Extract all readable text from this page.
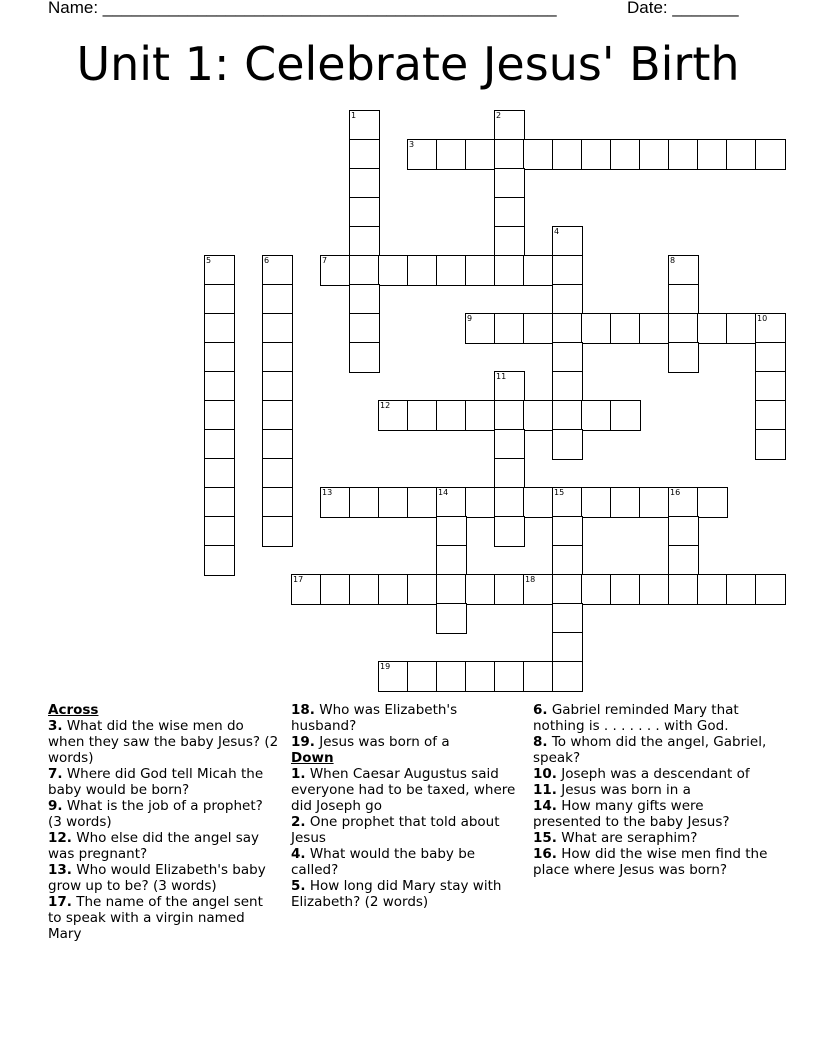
Name: ________________________________________________	Date: _______
Unit 1: Celebrate Jesus' Birth
1	2
3
4
5	6	7	8
9	10
11
12
13	14	15	16
17	18
19
Across
3. What did the wise men do when they saw the baby Jesus? (2 words)
7. Where did God tell Micah the baby would be born?
9. What is the job of a prophet? (3 words)
12. Who else did the angel say was pregnant?
13. Who would Elizabeth's baby grow up to be? (3 words)
17. The name of the angel sent to speak with a virgin named Mary
18. Who was Elizabeth's husband?
19. Jesus was born of a
Down
1. When Caesar Augustus said everyone had to be taxed, where did Joseph go
2. One prophet that told about Jesus
4. What would the baby be called?
5. How long did Mary stay with Elizabeth? (2 words)
6. Gabriel reminded Mary that nothing is . . . . . . . with God.
8. To whom did the angel, Gabriel, speak?
10. Joseph was a descendant of
11. Jesus was born in a
14. How many gifts were presented to the baby Jesus?
15. What are seraphim?
16. How did the wise men find the place where Jesus was born?
